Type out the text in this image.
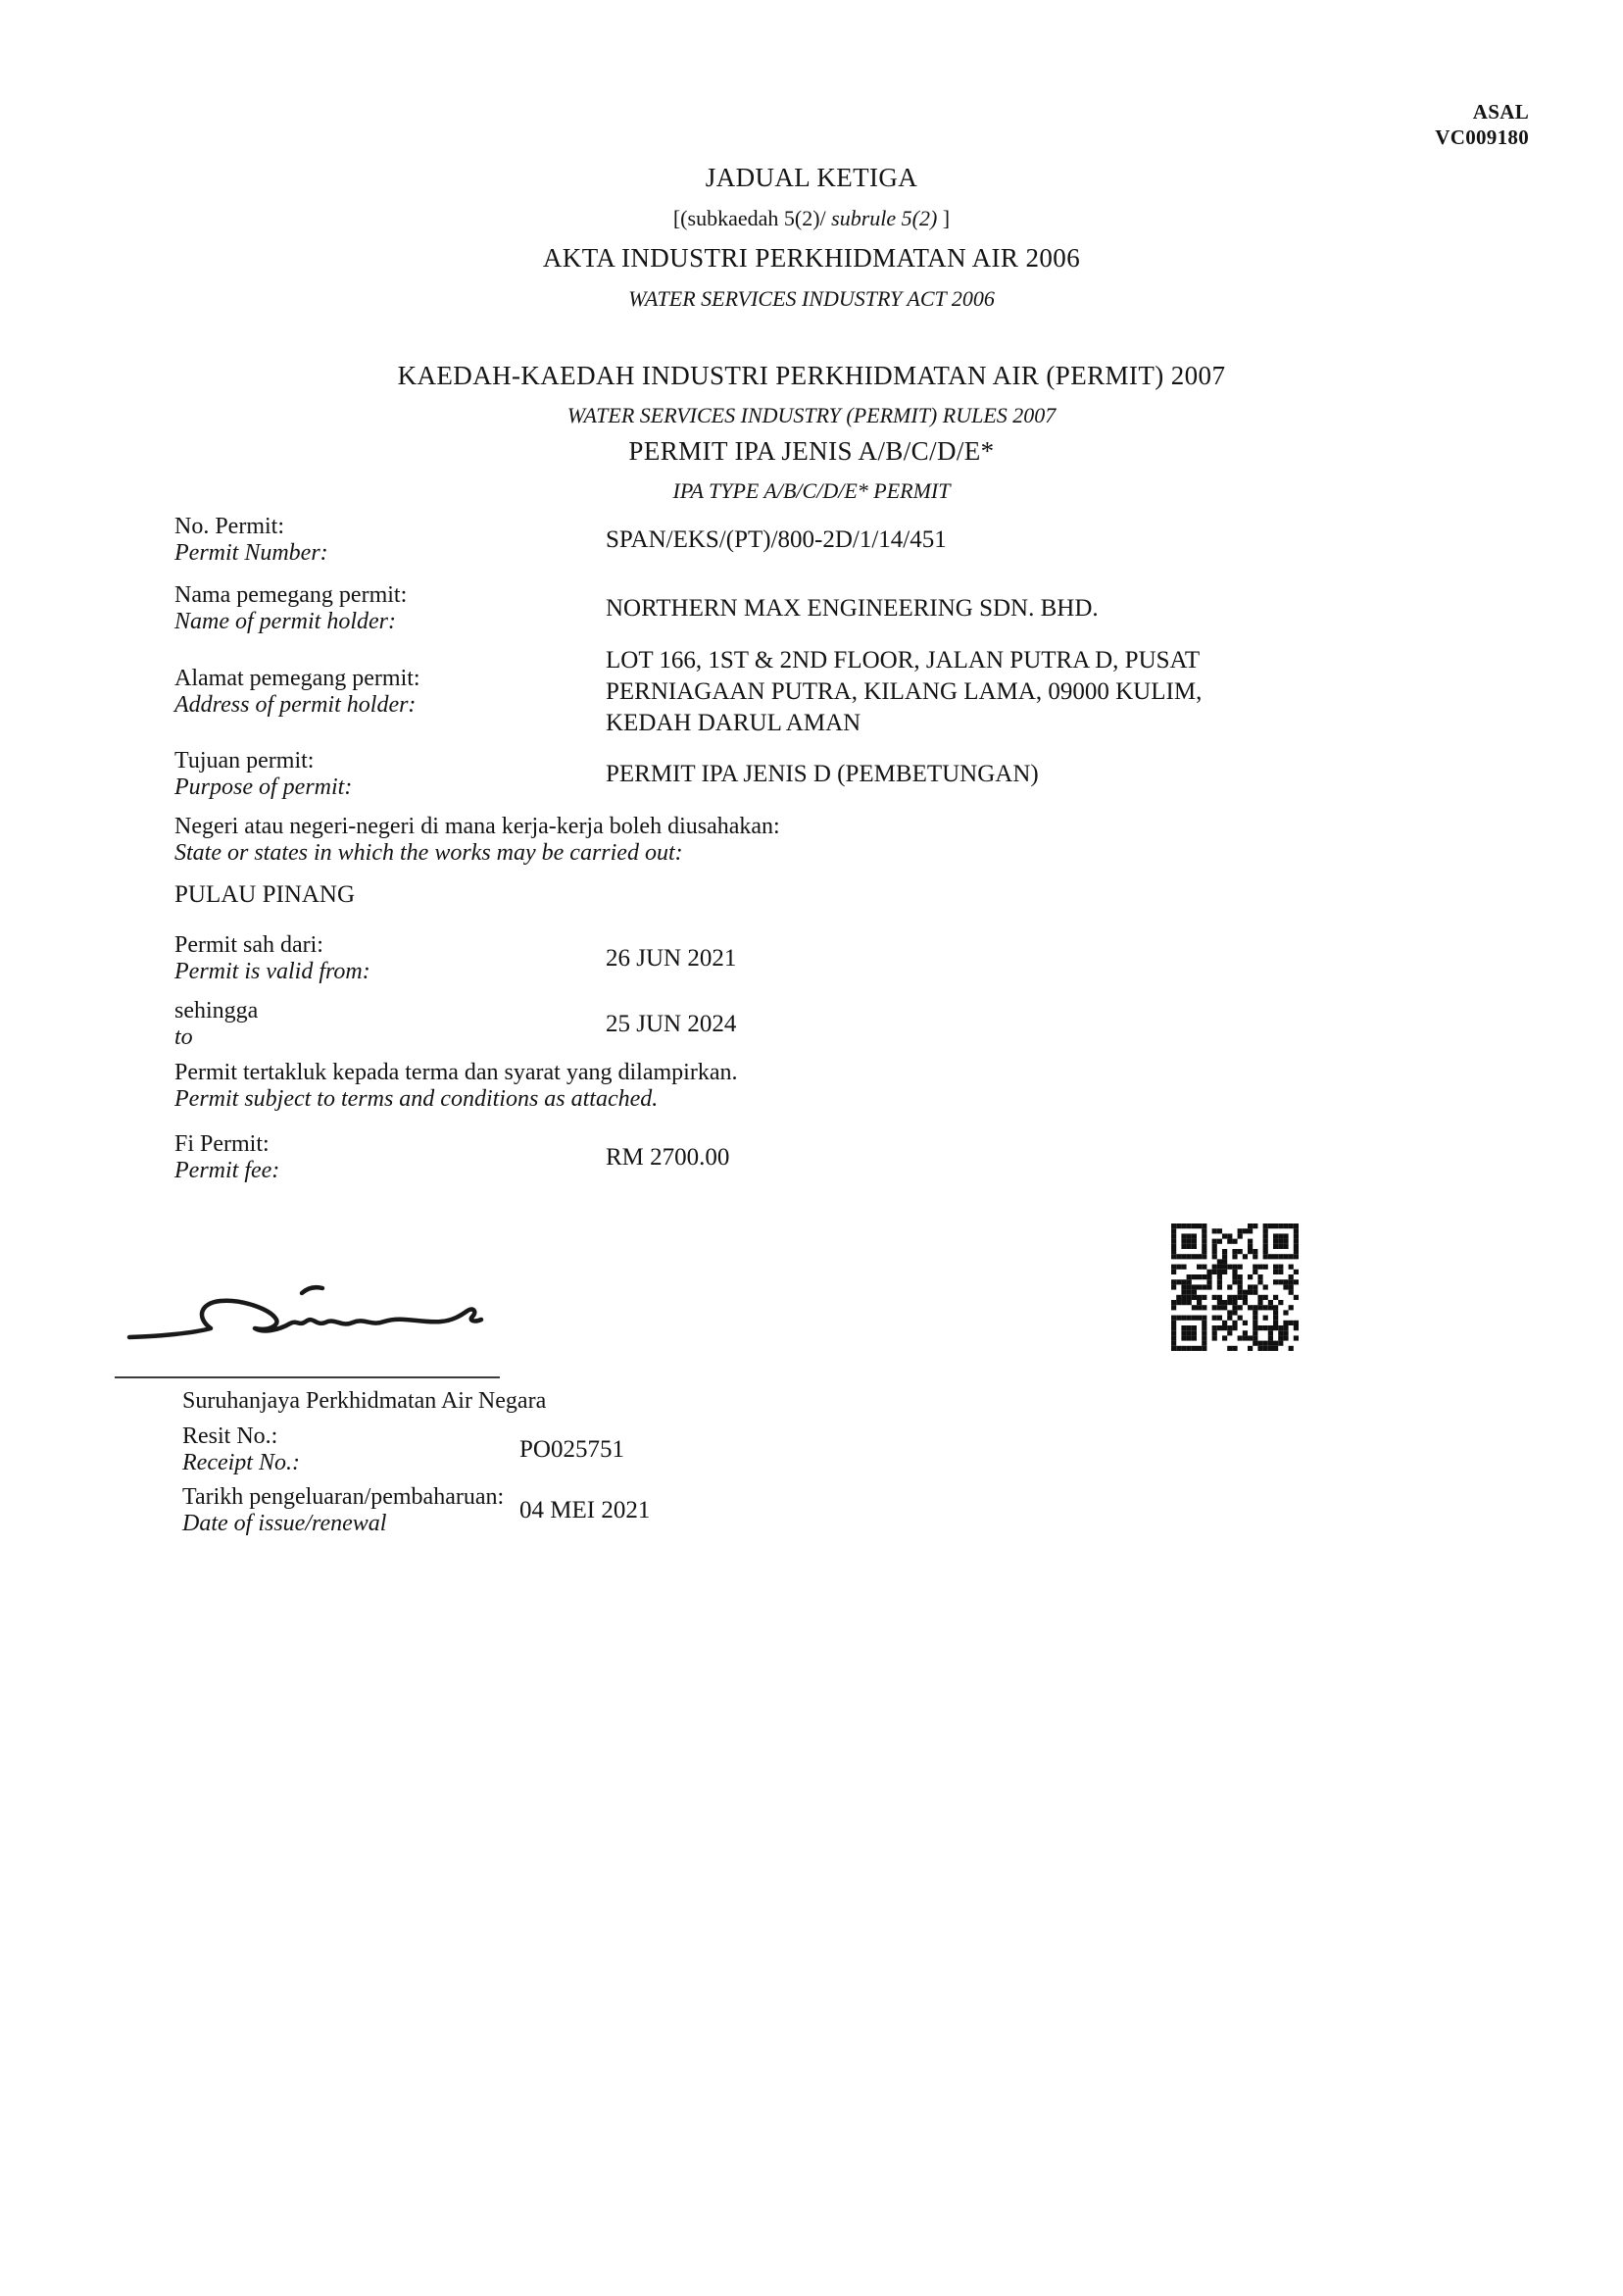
ASAL
VC009180
JADUAL KETIGA
[(subkaedah 5(2)/ subrule 5(2) ]
AKTA INDUSTRI PERKHIDMATAN AIR 2006
WATER SERVICES INDUSTRY ACT 2006
KAEDAH-KAEDAH INDUSTRI PERKHIDMATAN AIR (PERMIT) 2007
WATER SERVICES INDUSTRY (PERMIT) RULES 2007
PERMIT IPA JENIS A/B/C/D/E*
IPA TYPE A/B/C/D/E* PERMIT
No. Permit:
Permit Number:	SPAN/EKS/(PT)/800-2D/1/14/451
Nama pemegang permit:
Name of permit holder:	NORTHERN MAX ENGINEERING SDN. BHD.
Alamat pemegang permit:
Address of permit holder:
LOT 166, 1ST & 2ND FLOOR, JALAN PUTRA D, PUSAT PERNIAGAAN PUTRA, KILANG LAMA, 09000 KULIM, KEDAH DARUL AMAN
Tujuan permit:
Purpose of permit:	PERMIT IPA JENIS D (PEMBETUNGAN)
Negeri atau negeri-negeri di mana kerja-kerja boleh diusahakan:
State or states in which the works may be carried out:
PULAU PINANG
Permit sah dari:
Permit is valid from:	26 JUN 2021
sehingga
to	25 JUN 2024
Permit tertakluk kepada terma dan syarat yang dilampirkan.
Permit subject to terms and conditions as attached.
Fi Permit:
Permit fee:	RM 2700.00
Suruhanjaya Perkhidmatan Air Negara
Resit No.:
Receipt No.:	PO025751
Tarikh pengeluaran/pembaharuan:
Date of issue/renewal	04 MEI 2021
